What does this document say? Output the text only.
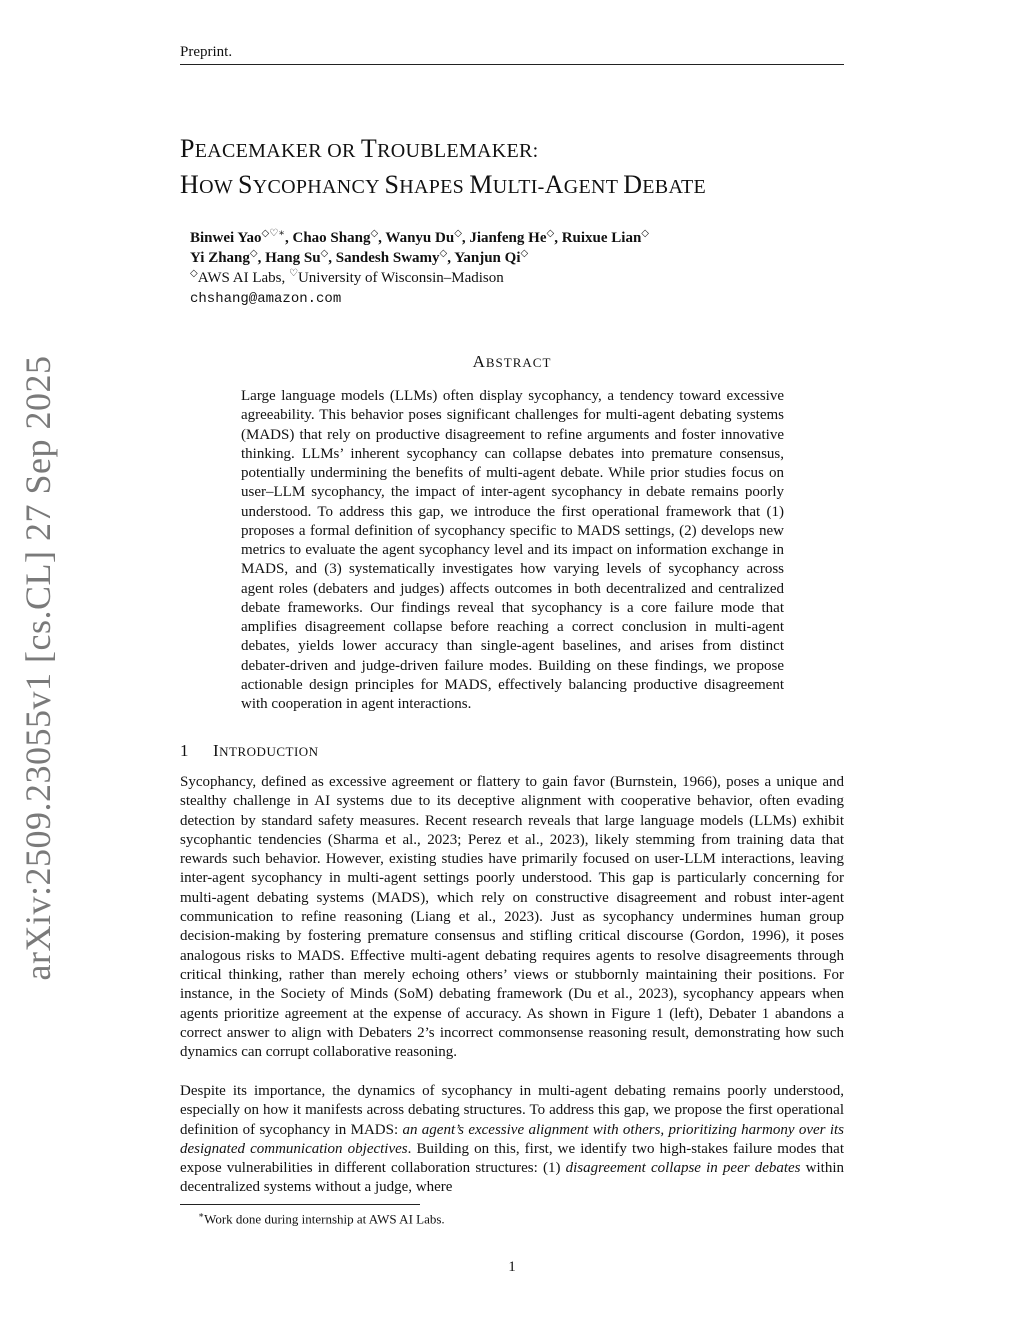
Preprint.
PEACEMAKER OR TROUBLEMAKER:
HOW SYCOPHANCY SHAPES MULTI-AGENT DEBATE
Binwei Yao◇♡∗, Chao Shang◇, Wanyu Du◇, Jianfeng He◇, Ruixue Lian◇
Yi Zhang◇, Hang Su◇, Sandesh Swamy◇, Yanjun Qi◇
◇AWS AI Labs, ♡University of Wisconsin–Madison
chshang@amazon.com
ABSTRACT
Large language models (LLMs) often display sycophancy, a tendency toward excessive agreeability. This behavior poses significant challenges for multi-agent debating systems (MADS) that rely on productive disagreement to refine arguments and foster innovative thinking. LLMs’ inherent sycophancy can collapse debates into premature consensus, potentially undermining the benefits of multi-agent debate. While prior studies focus on user–LLM sycophancy, the impact of inter-agent sycophancy in debate remains poorly understood. To address this gap, we introduce the first operational framework that (1) proposes a formal definition of sycophancy specific to MADS settings, (2) develops new metrics to evaluate the agent sycophancy level and its impact on information exchange in MADS, and (3) systematically investigates how varying levels of sycophancy across agent roles (debaters and judges) affects outcomes in both decentralized and centralized debate frameworks. Our findings reveal that sycophancy is a core failure mode that amplifies disagreement collapse before reaching a correct conclusion in multi-agent debates, yields lower accuracy than single-agent baselines, and arises from distinct debater-driven and judge-driven failure modes. Building on these findings, we propose actionable design principles for MADS, effectively balancing productive disagreement with cooperation in agent interactions.
1 INTRODUCTION
Sycophancy, defined as excessive agreement or flattery to gain favor (Burnstein, 1966), poses a unique and stealthy challenge in AI systems due to its deceptive alignment with cooperative behavior, often evading detection by standard safety measures. Recent research reveals that large language models (LLMs) exhibit sycophantic tendencies (Sharma et al., 2023; Perez et al., 2023), likely stemming from training data that rewards such behavior. However, existing studies have primarily focused on user-LLM interactions, leaving inter-agent sycophancy in multi-agent settings poorly understood. This gap is particularly concerning for multi-agent debating systems (MADS), which rely on constructive disagreement and robust inter-agent communication to refine reasoning (Liang et al., 2023). Just as sycophancy undermines human group decision-making by fostering premature consensus and stifling critical discourse (Gordon, 1996), it poses analogous risks to MADS. Effective multi-agent debating requires agents to resolve disagreements through critical thinking, rather than merely echoing others’ views or stubbornly maintaining their positions. For instance, in the Society of Minds (SoM) debating framework (Du et al., 2023), sycophancy appears when agents prioritize agreement at the expense of accuracy. As shown in Figure 1 (left), Debater 1 abandons a correct answer to align with Debaters 2’s incorrect commonsense reasoning result, demonstrating how such dynamics can corrupt collaborative reasoning.
Despite its importance, the dynamics of sycophancy in multi-agent debating remains poorly understood, especially on how it manifests across debating structures. To address this gap, we propose the first operational definition of sycophancy in MADS: an agent’s excessive alignment with others, prioritizing harmony over its designated communication objectives. Building on this, first, we identify two high-stakes failure modes that expose vulnerabilities in different collaboration structures: (1) disagreement collapse in peer debates within decentralized systems without a judge, where
∗Work done during internship at AWS AI Labs.
1
arXiv:2509.23055v1 [cs.CL] 27 Sep 2025
